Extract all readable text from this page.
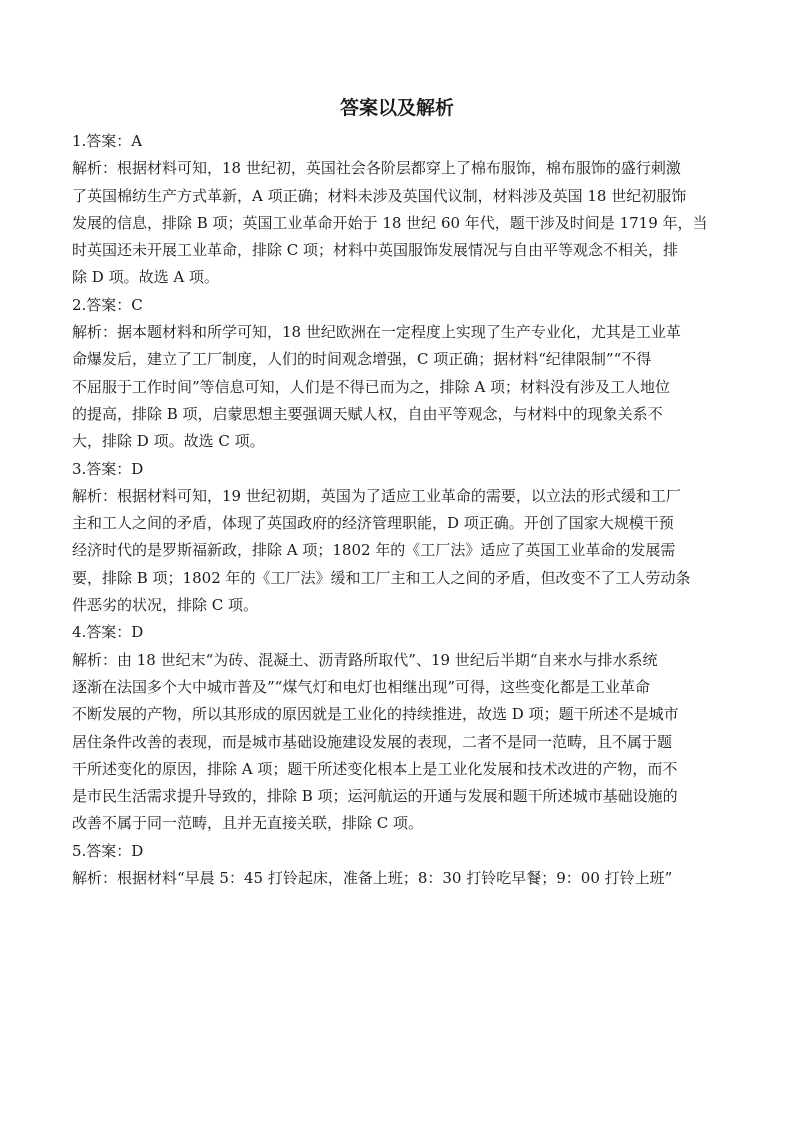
答案以及解析

1.答案：A

解析：根据材料可知，18 世纪初，英国社会各阶层都穿上了棉布服饰，棉布服饰的盛行刺激

了英国棉纺生产方式革新，A 项正确；材料未涉及英国代议制，材料涉及英国 18 世纪初服饰

发展的信息，排除 B 项；英国工业革命开始于 18 世纪 60 年代，题干涉及时间是 1719 年，当

时英国还未开展工业革命，排除 C 项；材料中英国服饰发展情况与自由平等观念不相关，排

除 D 项。故选 A 项。

2.答案：C

解析：据本题材料和所学可知，18 世纪欧洲在一定程度上实现了生产专业化，尤其是工业革

命爆发后，建立了工厂制度，人们的时间观念增强，C 项正确；据材料“纪律限制”“不得

不屈服于工作时间”等信息可知，人们是不得已而为之，排除 A 项；材料没有涉及工人地位

的提高，排除 B 项，启蒙思想主要强调天赋人权，自由平等观念，与材料中的现象关系不

大，排除 D 项。故选 C 项。

3.答案：D

解析：根据材料可知，19 世纪初期，英国为了适应工业革命的需要，以立法的形式缓和工厂

主和工人之间的矛盾，体现了英国政府的经济管理职能，D 项正确。开创了国家大规模干预

经济时代的是罗斯福新政，排除 A 项；1802 年的《工厂法》适应了英国工业革命的发展需

要，排除 B 项；1802 年的《工厂法》缓和工厂主和工人之间的矛盾，但改变不了工人劳动条

件恶劣的状况，排除 C 项。

4.答案：D

解析：由 18 世纪末“为砖、混凝土、沥青路所取代”、19 世纪后半期“自来水与排水系统

逐渐在法国多个大中城市普及”“煤气灯和电灯也相继出现”可得，这些变化都是工业革命

不断发展的产物，所以其形成的原因就是工业化的持续推进，故选 D 项；题干所述不是城市

居住条件改善的表现，而是城市基础设施建设发展的表现，二者不是同一范畴，且不属于题

干所述变化的原因，排除 A 项；题干所述变化根本上是工业化发展和技术改进的产物，而不

是市民生活需求提升导致的，排除 B 项；运河航运的开通与发展和题干所述城市基础设施的

改善不属于同一范畴，且并无直接关联，排除 C 项。

5.答案：D

解析：根据材料“早晨 5：45 打铃起床，准备上班；8：30 打铃吃早餐；9：00 打铃上班”
